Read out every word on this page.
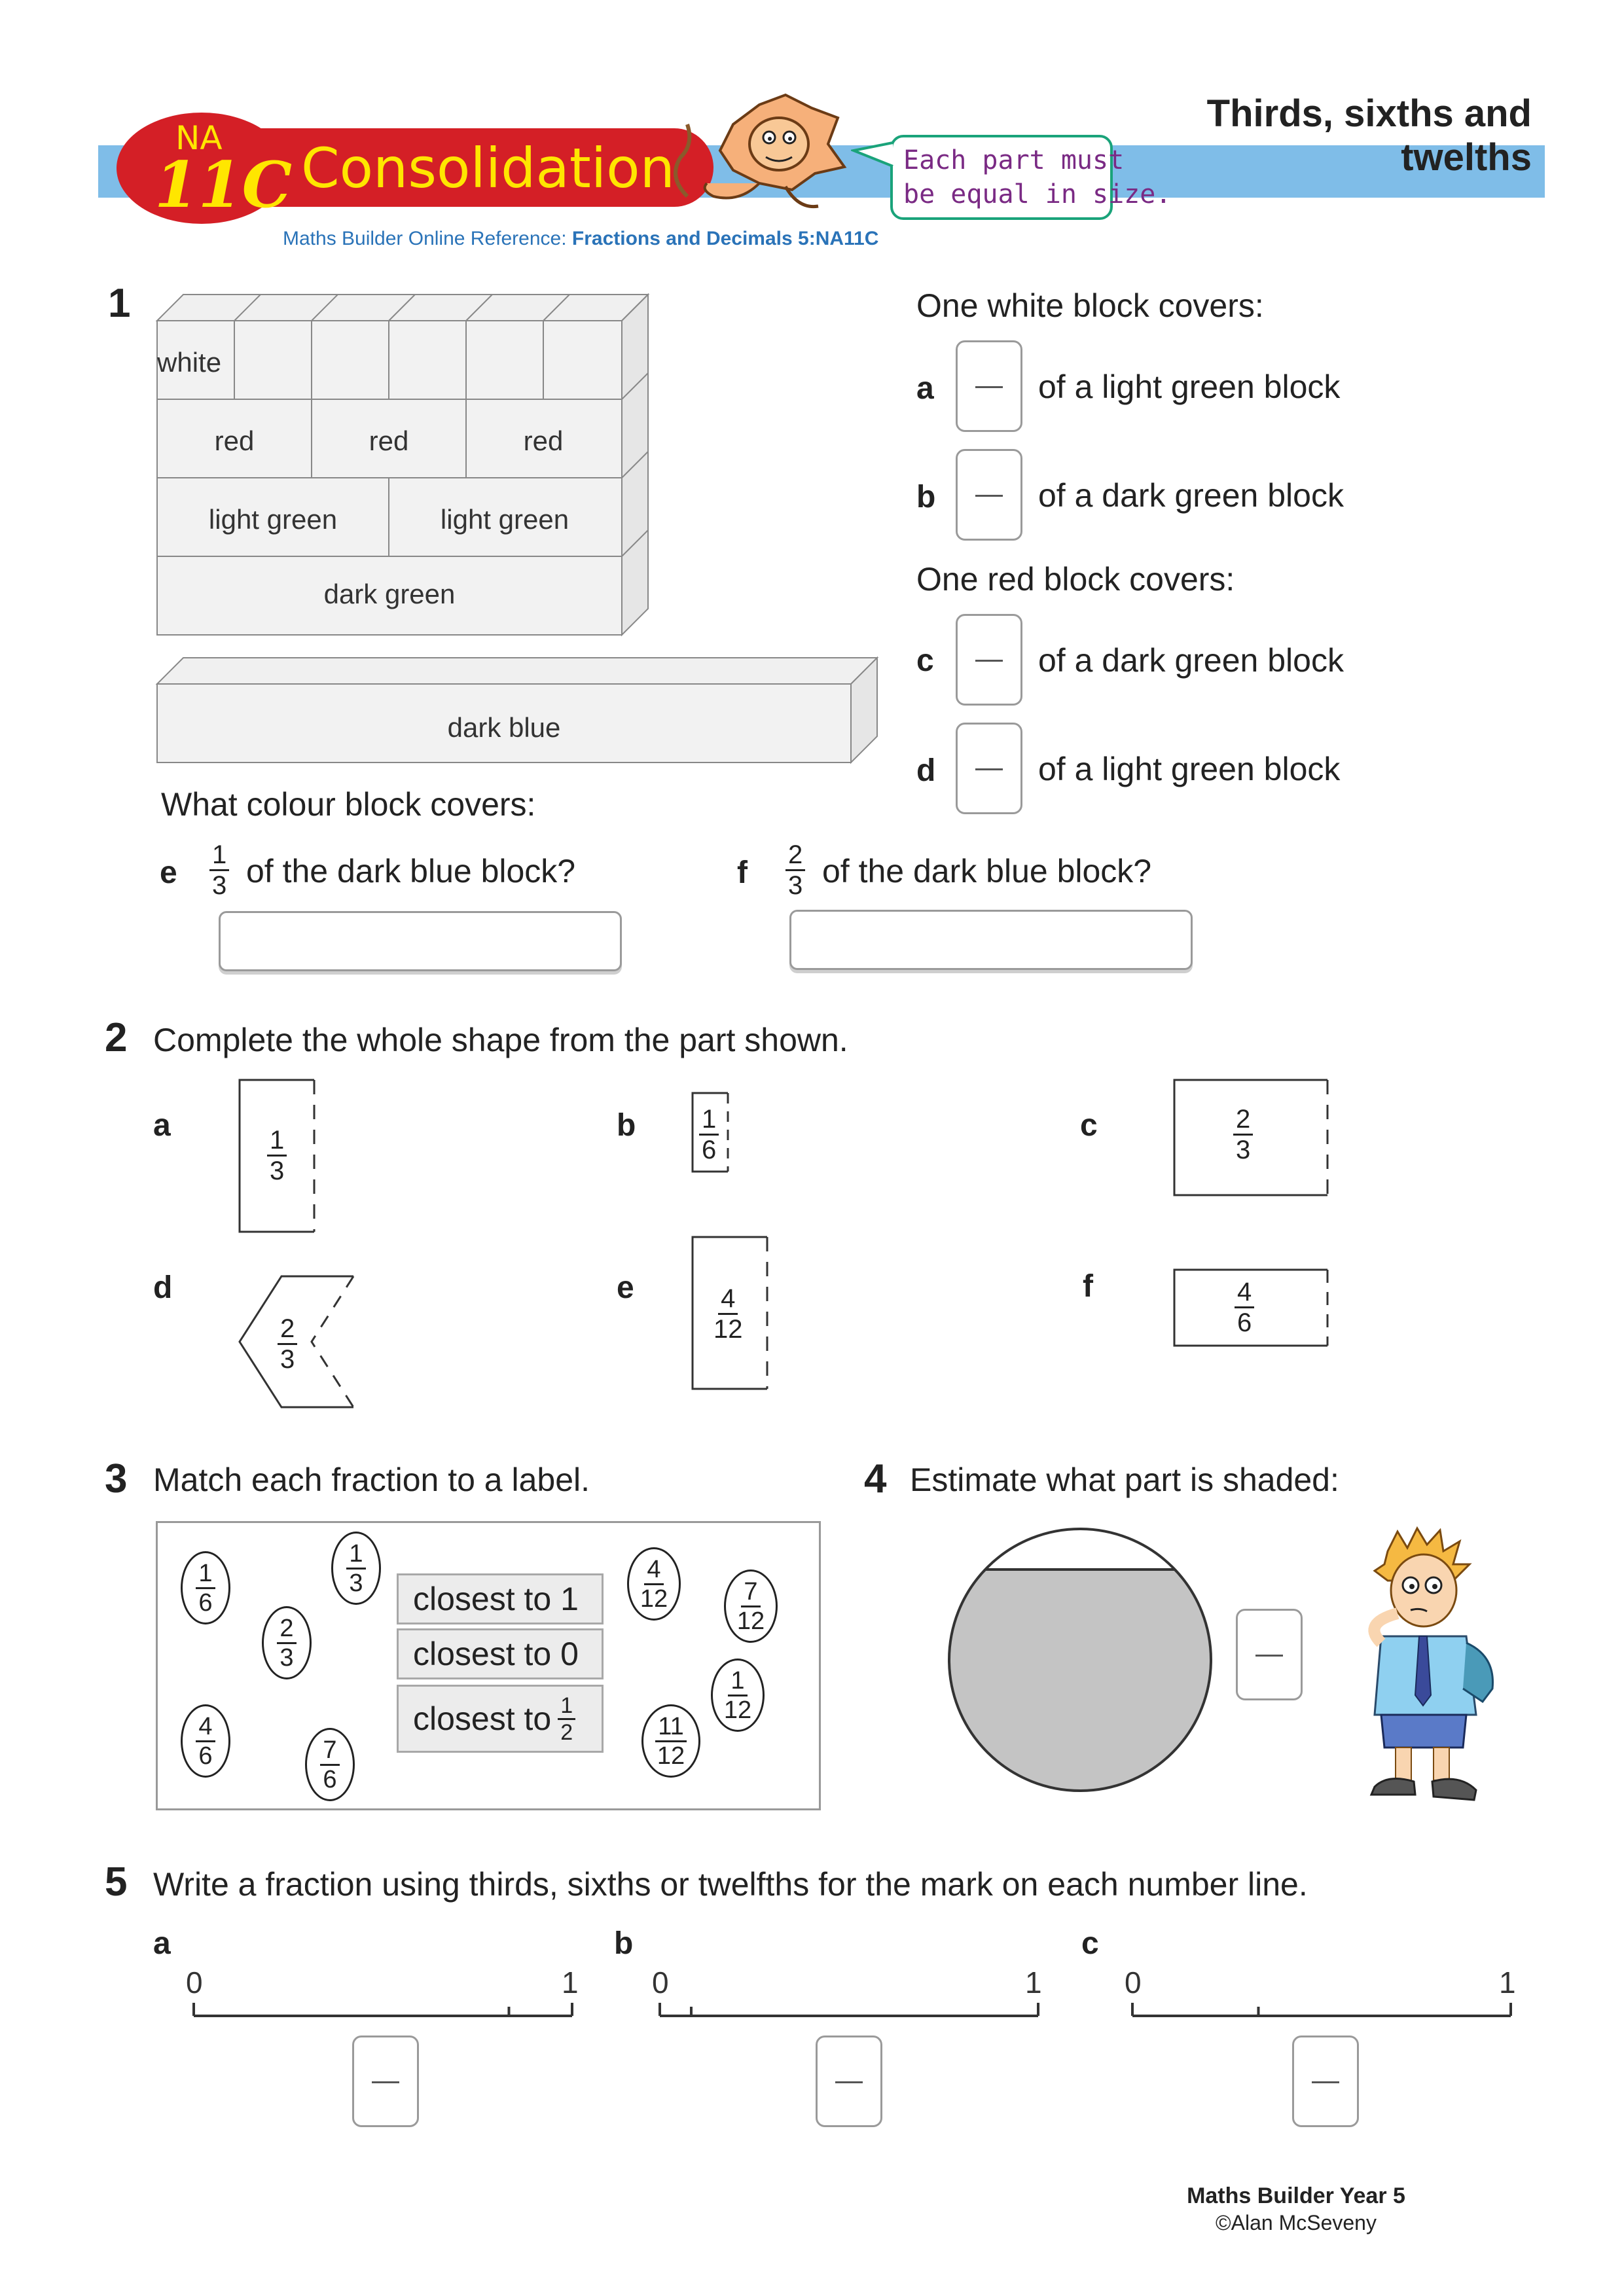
NA
11C Consolidation	Each part must
be equal in size.
Thirds, sixths and twelths
Maths Builder Online Reference: Fractions and Decimals 5:NA11C
1
white
red	red	red
light green	light green
dark green
dark blue
One white block covers:
a	of a light green block
b	of a dark green block
One red block covers:
c	of a dark green block
d	of a light green block
What colour block covers:
e $\frac{1}{3}$ of the dark blue block?	f $\frac{2}{3}$ of the dark blue block?
2 Complete the whole shape from the part shown.
a
$\frac{1}{3}$
b $\frac{1}{6}$	c	$\frac{2}{3}$
d
$\frac{2}{3}$
e	$\frac{4}{12}$	f	$\frac{4}{6}$
3 Match each fraction to a label.
$\frac{1}{6}$	$\frac{1}{3}$
$\frac{2}{3}$
$\frac{4}{6}$	$\frac{7}{6}$
$\frac{4}{12}$	$\frac{7}{12}$
$\frac{1}{12}$
$\frac{11}{12}$
closest to 1
closest to 0
closest to $\frac{1}{2}$
4 Estimate what part is shaded:
5 Write a fraction using thirds, sixths or twelfths for the mark on each number line.
a
0	1
b
0	1
c
0	1
Maths Builder Year 5
©Alan McSeveny
